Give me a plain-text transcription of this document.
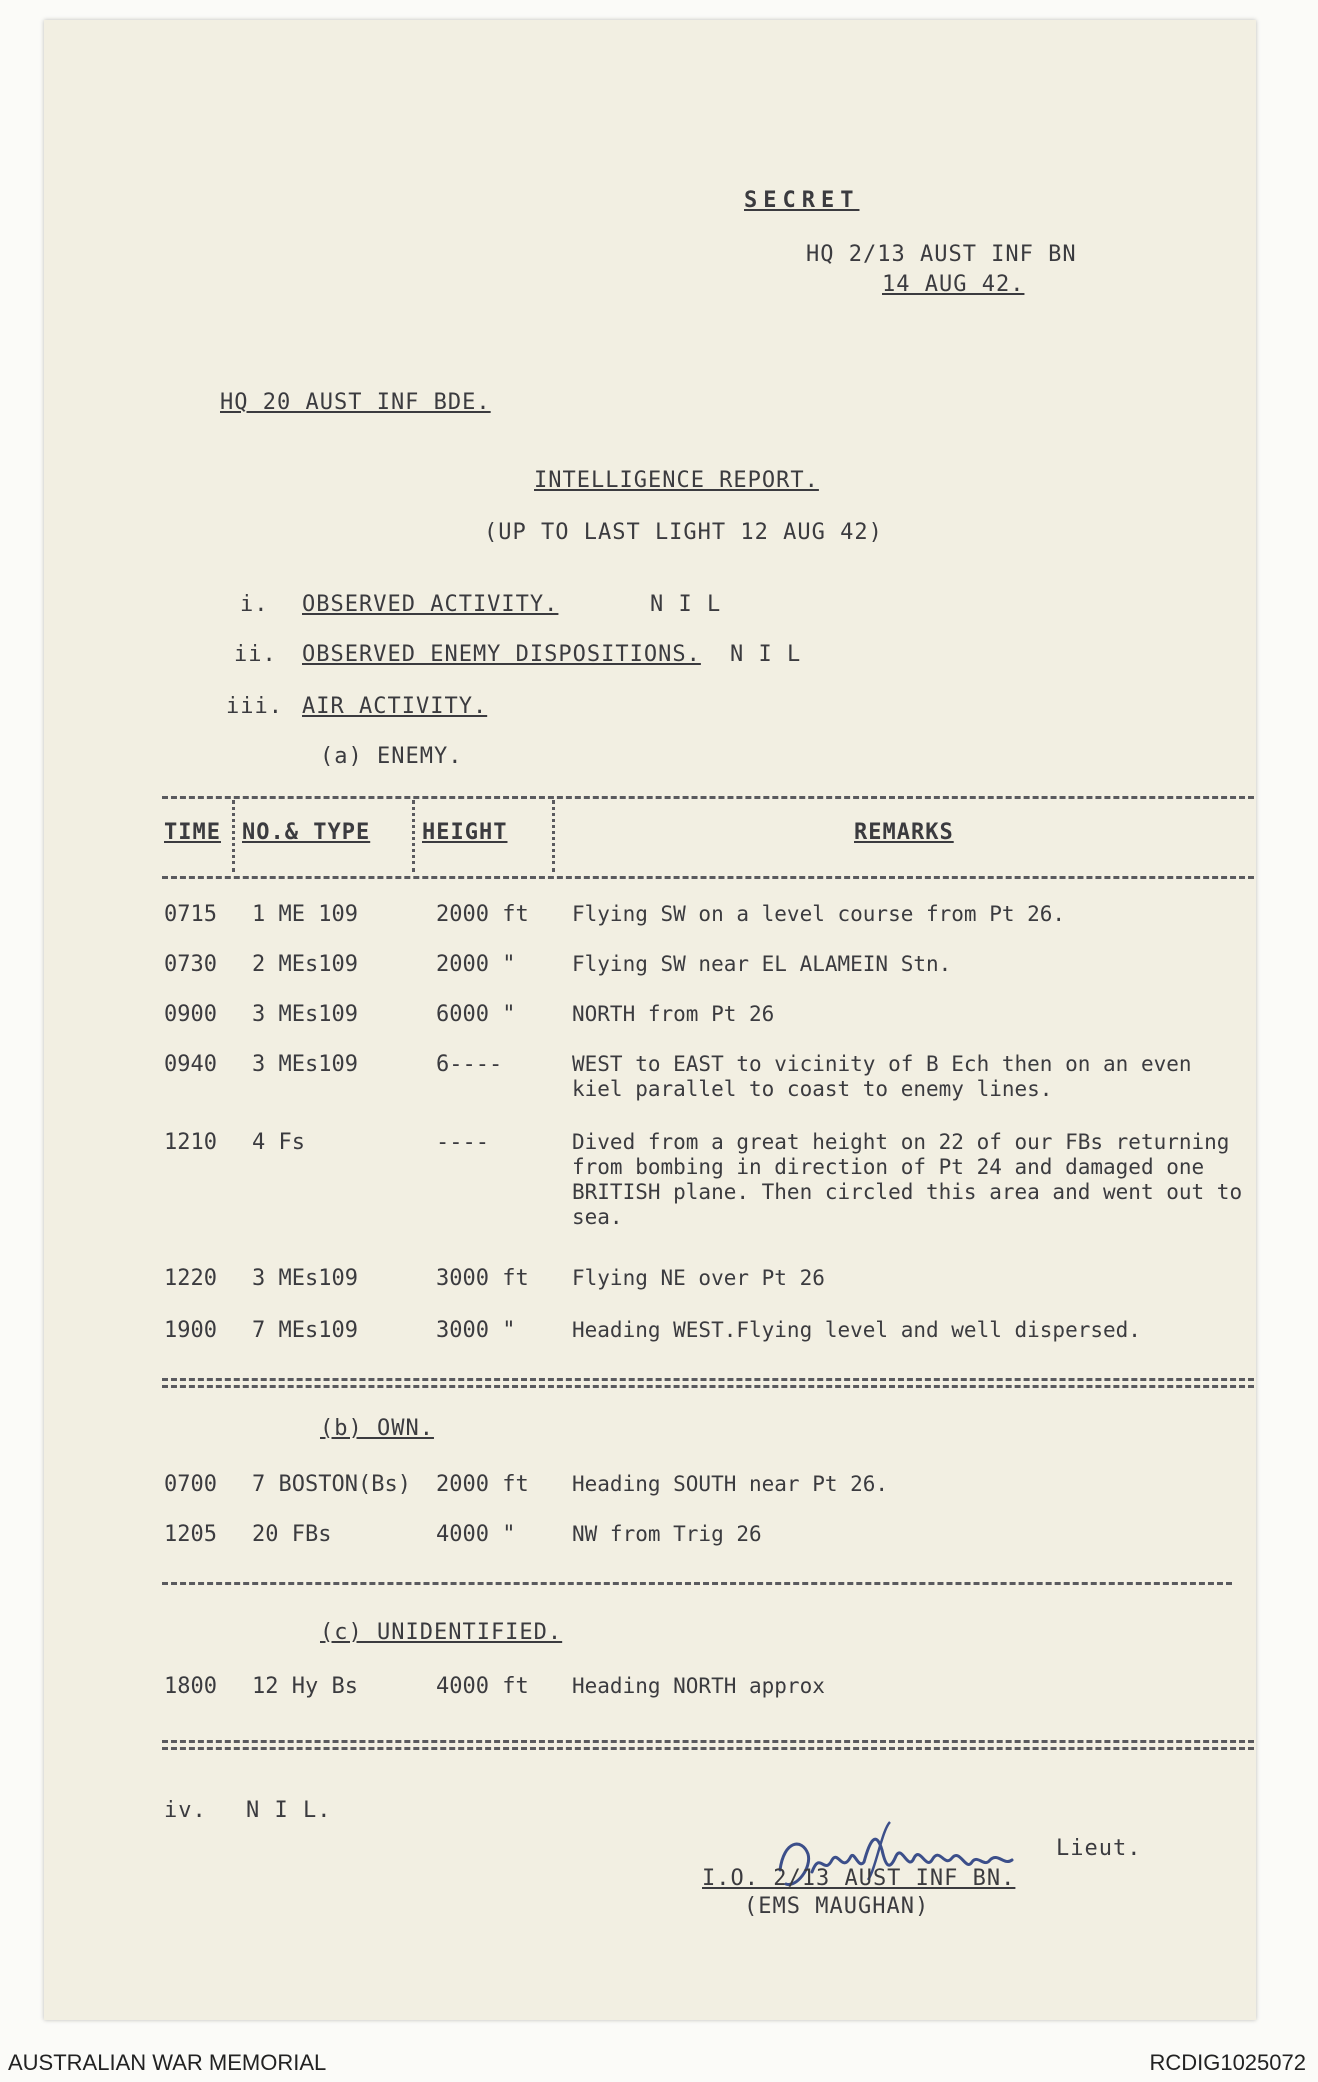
SECRET
HQ 2/13 AUST INF BN
14 AUG 42.
HQ 20 AUST INF BDE.
INTELLIGENCE REPORT.
(UP TO LAST LIGHT 12 AUG 42)
i. OBSERVED ACTIVITY.	N I L
ii. OBSERVED ENEMY DISPOSITIONS. N I L
iii. AIR ACTIVITY.
(a) ENEMY.
TIME NO.& TYPE HEIGHT	REMARKS
0715 1 ME 109	2000 ft Flying SW on a level course from Pt 26.
0730 2 MEs109	2000 "	Flying SW near EL ALAMEIN Stn.
0900 3 MEs109	6000 "	NORTH from Pt 26
0940 3 MEs109	6----	WEST to EAST to vicinity of B Ech then on an even kiel parallel to coast to enemy lines.
1210 4 Fs	----	Dived from a great height on 22 of our FBs returning from bombing in direction of Pt 24 and damaged one BRITISH plane. Then circled this area and went out to sea.
1220 3 MEs109	3000 ft Flying NE over Pt 26
1900 7 MEs109	3000 "	Heading WEST.Flying level and well dispersed.
(b) OWN.
0700 7 BOSTON(Bs) 2000 ft Heading SOUTH near Pt 26.
1205 20 FBs	4000 "	NW from Trig 26
(c) UNIDENTIFIED.
1800 12 Hy Bs	4000 ft Heading NORTH approx
iv. N I L.
Lieut.
I.O. 2/13 AUST INF BN.
(EMS MAUGHAN)
AUSTRALIAN WAR MEMORIAL	RCDIG1025072
